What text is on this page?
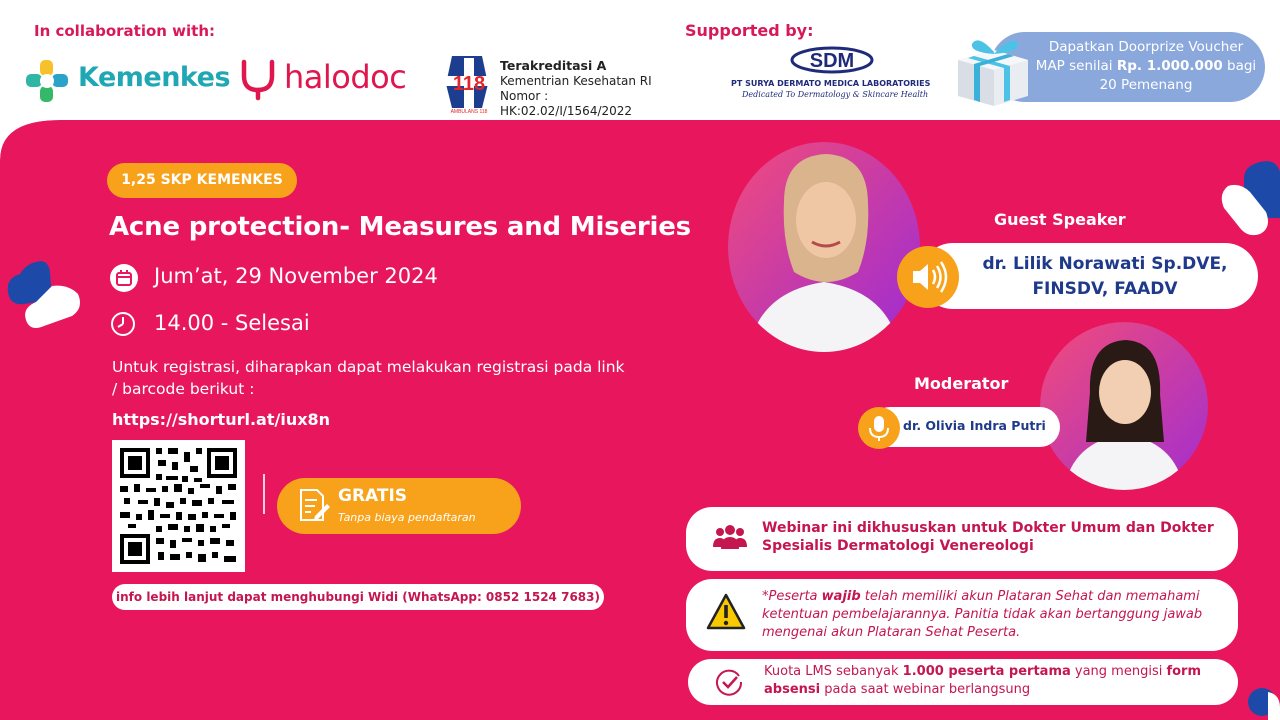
In collaboration with:	Supported by:
Kemenkes halodoc 118
AMBULANS 118
Terakreditasi A
Kementrian Kesehatan RI
Nomor : HK:02.02/I/1564/2022
SDM
PT SURYA DERMATO MEDICA LABORATORIES
Dedicated To Dermatology & Skincare Health
Dapatkan Doorprize Voucher
MAP senilai Rp. 1.000.000 bagi
20 Pemenang
1,25 SKP KEMENKES
Acne protection- Measures and Miseries
Jum’at, 29 November 2024
14.00 - Selesai
Untuk registrasi, diharapkan dapat melakukan registrasi pada link / barcode berikut :
https://shorturl.at/iux8n
GRATIS
Tanpa biaya pendaftaran
info lebih lanjut dapat menghubungi Widi (WhatsApp: 0852 1524 7683)
Guest Speaker
dr. Lilik Norawati Sp.DVE,
FINSDV, FAADV
Moderator
dr. Olivia Indra Putri
Webinar ini dikhususkan untuk Dokter Umum dan Dokter Spesialis Dermatologi Venereologi
*Peserta wajib telah memiliki akun Plataran Sehat dan memahami ketentuan pembelajarannya. Panitia tidak akan bertanggung jawab mengenai akun Plataran Sehat Peserta.
Kuota LMS sebanyak 1.000 peserta pertama yang mengisi form absensi pada saat webinar berlangsung
